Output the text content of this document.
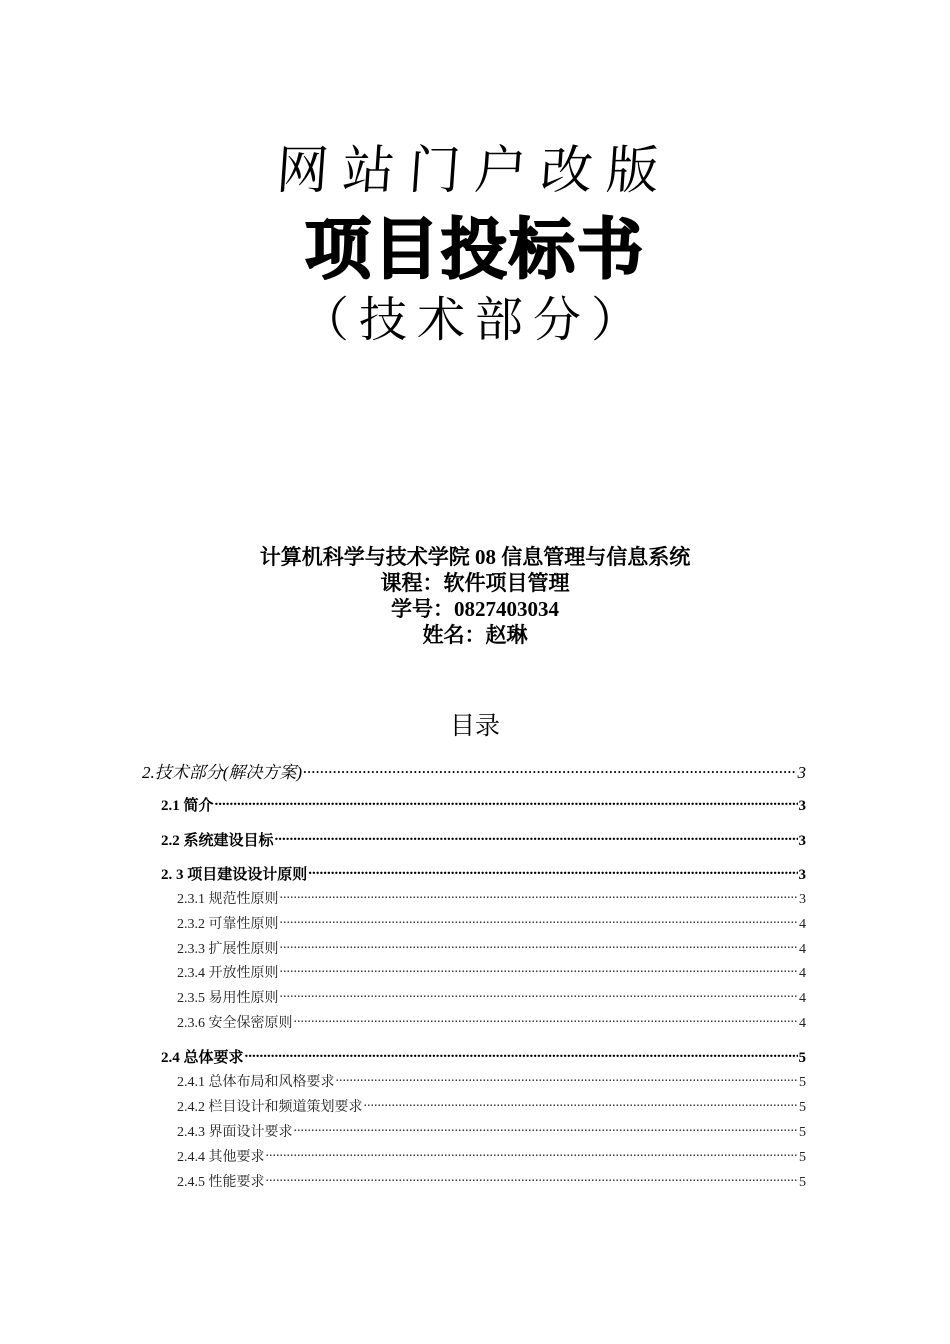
网站门户改版
项目投标书
（技术部分）
计算机科学与技术学院 08 信息管理与信息系统
课程：软件项目管理
学号：0827403034
姓名：赵琳
目录
2.技术部分(解决方案) .....	3
2.1 简介 .....	3
2.2 系统建设目标 .....	3
2. 3 项目建设设计原则 .....	3
2.3.1 规范性原则 .....	3
2.3.2 可靠性原则 .....	4
2.3.3 扩展性原则 .....	4
2.3.4 开放性原则 .....	4
2.3.5 易用性原则 .....	4
2.3.6 安全保密原则 .....	4
2.4 总体要求 .....	5
2.4.1 总体布局和风格要求 .....	5
2.4.2 栏目设计和频道策划要求 .....	5
2.4.3 界面设计要求 .....	5
2.4.4 其他要求 .....	5
2.4.5 性能要求 .....	5
